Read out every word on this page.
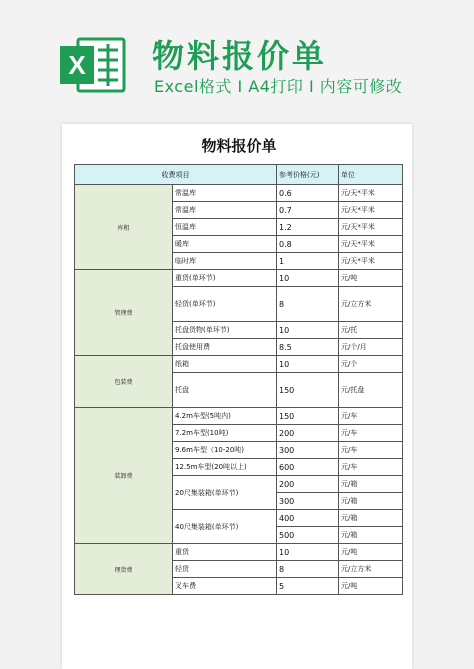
X 物料报价单
Excel格式 I A4打印 I 内容可修改
物料报价单
收费项目		参考价格(元)	单位
库租	常温库	0.6	元/天*平米
	常温库	0.7	元/天*平米
	恒温库	1.2	元/天*平米
	暖库	0.8	元/天*平米
	临时库	1	元/天*平米
管理费	重货(单环节)	10	元/吨
	轻货(单环节)	8	元/立方米
	托盘货物(单环节)	10	元/托
	托盘使用费	8.5	元/个/月
包装费	纸箱	10	元/个
	托盘	150	元/托盘
装卸费	4.2m车型(5吨内)	150	元/车
	7.2m车型(10吨)	200	元/车
	9.6m车型（10-20吨)	300	元/车
	12.5m车型(20吨以上)	600	元/车
	20尺集装箱(单环节)	200	元/箱
		300	元/箱
	40尺集装箱(单环节)	400	元/箱
		500	元/箱
理货费	重货	10	元/吨
	轻货	8	元/立方米
	叉车费	5	元/吨
